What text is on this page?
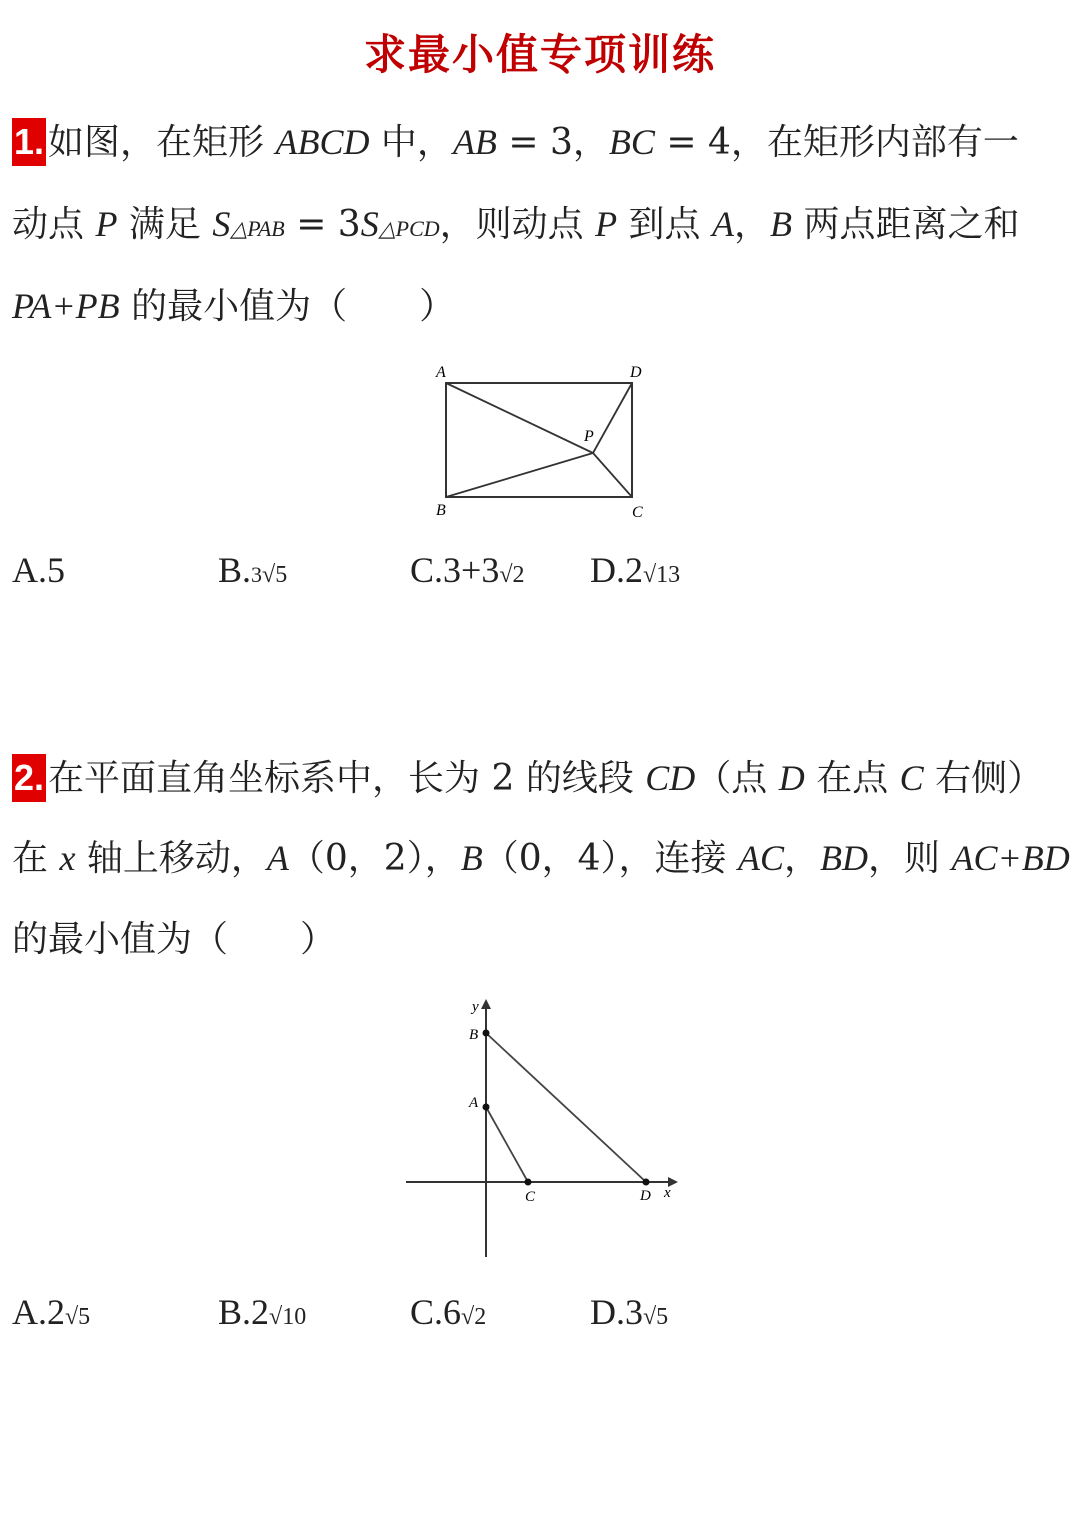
求最小值专项训练
1. 如图，在矩形 ABCD 中，AB = 3，BC = 4，在矩形内部有一
动点 P 满足 S△PAB = 3S△PCD，则动点 P 到点 A，B 两点距离之和
PA+PB 的最小值为（　　）
A	D
P
B	C
A.5	B.3√5	C.3+3√2 D.2√13
2. 在平面直角坐标系中，长为 2 的线段 CD（点 D 在点 C 右侧）
在 x 轴上移动，A（0，2），B（0，4），连接 AC，BD，则 AC+BD
的最小值为（　　）
y
B
A
C	D x
A.2√5	B.2√10	C.6√2	D.3√5
